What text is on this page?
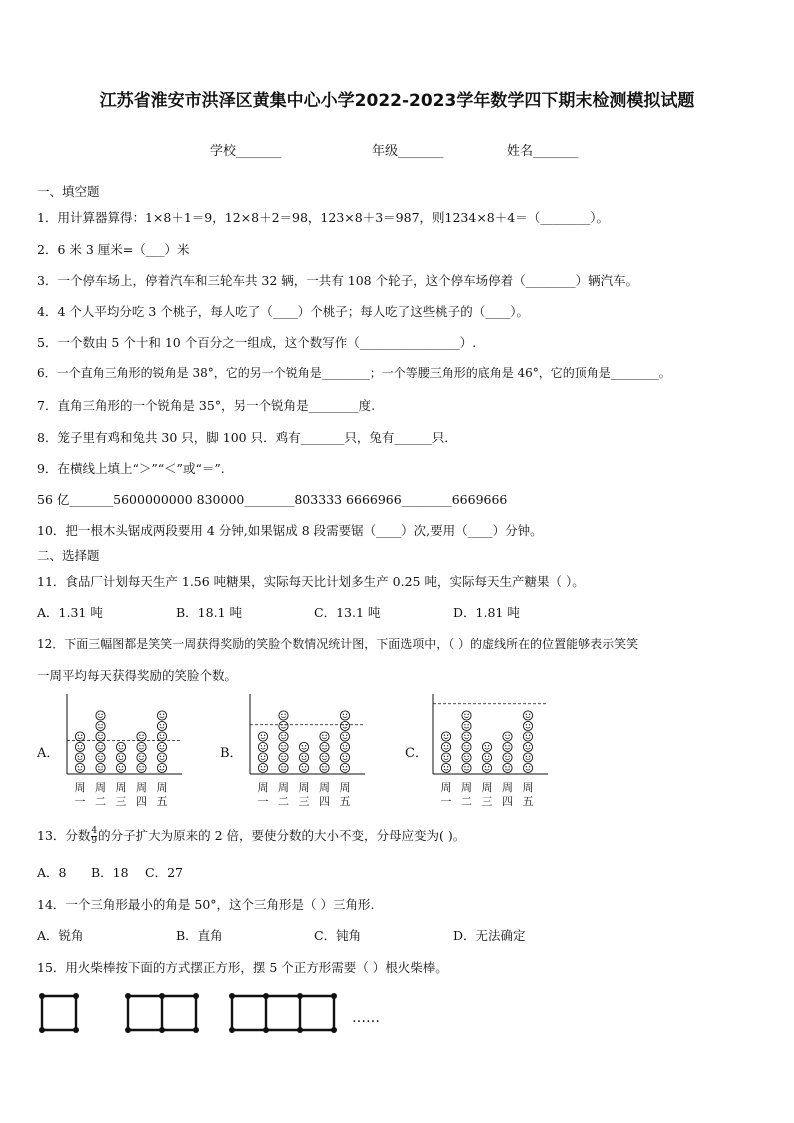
江苏省淮安市洪泽区黄集中心小学2022-2023学年数学四下期末检测模拟试题
学校_______	年级_______	姓名_______
一、填空题
1．用计算器算得：1×8＋1＝9，12×8＋2＝98，123×8＋3＝987，则1234×8＋4＝（________）。
2．6 米 3 厘米=（___）米
3．一个停车场上，停着汽车和三轮车共 32 辆，一共有 108 个轮子，这个停车场停着（________）辆汽车。
4．4 个人平均分吃 3 个桃子，每人吃了（____）个桃子；每人吃了这些桃子的（____）。
5．一个数由 5 个十和 10 个百分之一组成，这个数写作（________________）.
6．一个直角三角形的锐角是 38°，它的另一个锐角是________；一个等腰三角形的底角是 46°，它的顶角是________。
7．直角三角形的一个锐角是 35°，另一个锐角是________度.
8．笼子里有鸡和兔共 30 只，脚 100 只．鸡有_______只，兔有______只．
9．在横线上填上“＞”“＜”或“＝”.
56 亿_______5600000000 830000________803333 6666966________6669666
10．把一根木头锯成两段要用 4 分钟,如果锯成 8 段需要锯（____）次,要用（____）分钟。
二、选择题
11．食品厂计划每天生产 1.56 吨糖果，实际每天比计划多生产 0.25 吨，实际每天生产糖果（ ）。
A．1.31 吨	B．18.1 吨	C．13.1 吨	D．1.81 吨
12．下面三幅图都是笑笑一周获得奖励的笑脸个数情况统计图，下面选项中，（ ）的虚线所在的位置能够表示笑笑
一周平均每天获得奖励的笑脸个数。
A．
周
一
周
二
周
三
周
四
周
五
B．
周
一
周
二
周
三
周
四
周
五
C．
周
一
周
二
周
三
周
四
周
五
13．分数 $\frac{4}{9}$ 的分子扩大为原来的 2 倍，要使分数的大小不变，分母应变为( )。
A．8 B．18 C．27
14．一个三角形最小的角是 50°，这个三角形是（ ）三角形.
A．锐角	B．直角	C．钝角	D．无法确定
15．用火柴棒按下面的方式摆正方形，摆 5 个正方形需要（ ）根火柴棒。
……
